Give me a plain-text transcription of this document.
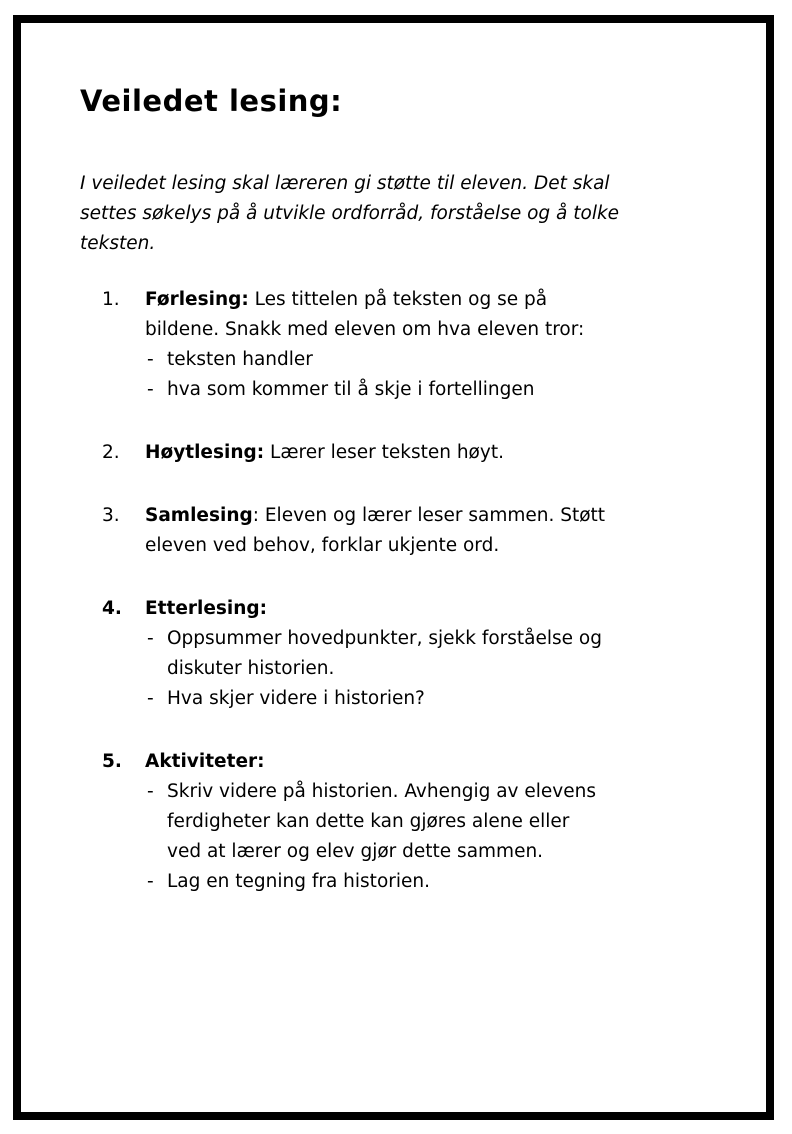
Veiledet lesing:
I veiledet lesing skal læreren gi støtte til eleven. Det skal
settes søkelys på å utvikle ordforråd, forståelse og å tolke
teksten.
1.	Førlesing: Les tittelen på teksten og se på
bildene. Snakk med eleven om hva eleven tror:
- teksten handler
- hva som kommer til å skje i fortellingen
2.	Høytlesing: Lærer leser teksten høyt.
3.	Samlesing: Eleven og lærer leser sammen. Støtt
eleven ved behov, forklar ukjente ord.
4.	Etterlesing:
- Oppsummer hovedpunkter, sjekk forståelse og
diskuter historien.
- Hva skjer videre i historien?
5.	Aktiviteter:
- Skriv videre på historien. Avhengig av elevens
ferdigheter kan dette kan gjøres alene eller
ved at lærer og elev gjør dette sammen.
- Lag en tegning fra historien.
